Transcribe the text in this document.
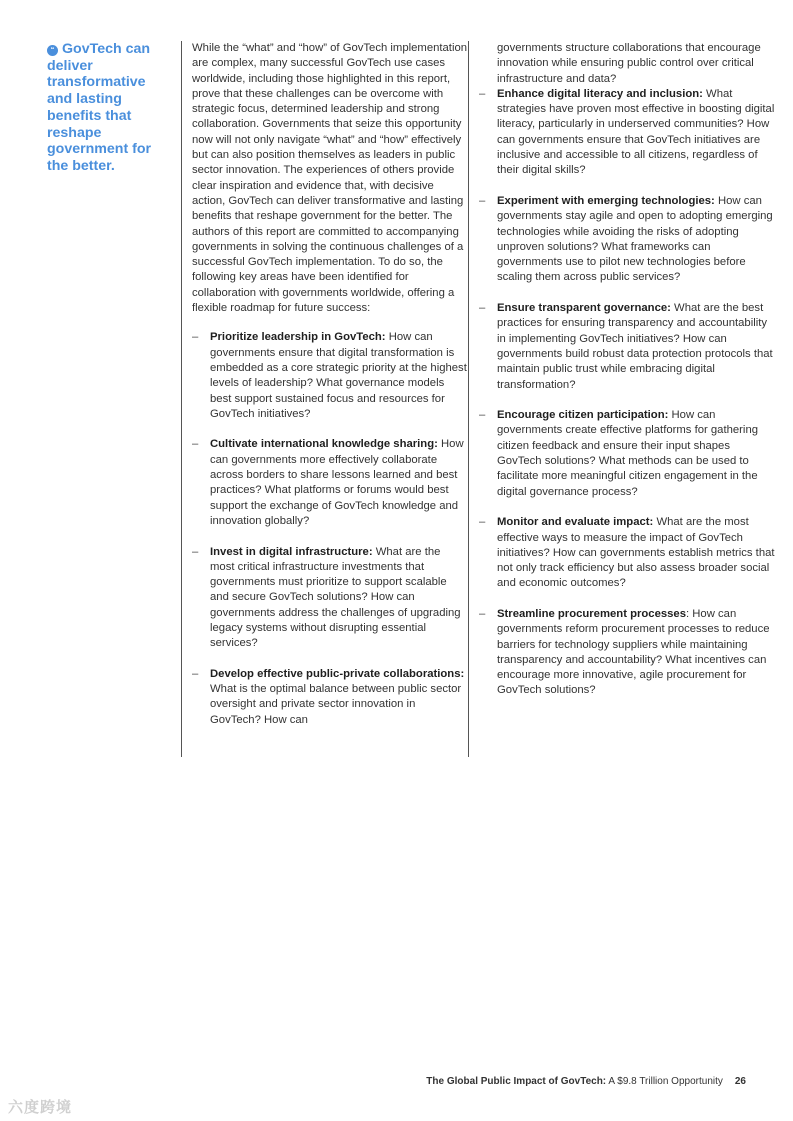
“ GovTech can deliver transformative and lasting benefits that reshape government for the better.

While the “what” and “how” of GovTech implementation are complex, many successful GovTech use cases worldwide, including those highlighted in this report, prove that these challenges can be overcome with strategic focus, determined leadership and strong collaboration. Governments that seize this opportunity now will not only navigate “what” and “how” effectively but can also position themselves as leaders in public sector innovation. The experiences of others provide clear inspiration and evidence that, with decisive action, GovTech can deliver transformative and lasting benefits that reshape government for the better. The authors of this report are committed to accompanying governments in solving the continuous challenges of a successful GovTech implementation. To do so, the following key areas have been identified for collaboration with governments worldwide, offering a flexible roadmap for future success:

– Prioritize leadership in GovTech: How can governments ensure that digital transformation is embedded as a core strategic priority at the highest levels of leadership? What governance models best support sustained focus and resources for GovTech initiatives?
– Cultivate international knowledge sharing: How can governments more effectively collaborate across borders to share lessons learned and best practices? What platforms or forums would best support the exchange of GovTech knowledge and innovation globally?
– Invest in digital infrastructure: What are the most critical infrastructure investments that governments must prioritize to support scalable and secure GovTech solutions? How can governments address the challenges of upgrading legacy systems without disrupting essential services?
– Develop effective public-private collaborations: What is the optimal balance between public sector oversight and private sector innovation in GovTech? How can

governments structure collaborations that encourage innovation while ensuring public control over critical infrastructure and data?

– Enhance digital literacy and inclusion: What strategies have proven most effective in boosting digital literacy, particularly in underserved communities? How can governments ensure that GovTech initiatives are inclusive and accessible to all citizens, regardless of their digital skills?
– Experiment with emerging technologies: How can governments stay agile and open to adopting emerging technologies while avoiding the risks of adopting unproven solutions? What frameworks can governments use to pilot new technologies before scaling them across public services?
– Ensure transparent governance: What are the best practices for ensuring transparency and accountability in implementing GovTech initiatives? How can governments build robust data protection protocols that maintain public trust while embracing digital transformation?
– Encourage citizen participation: How can governments create effective platforms for gathering citizen feedback and ensure their input shapes GovTech solutions? What methods can be used to facilitate more meaningful citizen engagement in the digital governance process?
– Monitor and evaluate impact: What are the most effective ways to measure the impact of GovTech initiatives? How can governments establish metrics that not only track efficiency but also assess broader social and economic outcomes?
– Streamline procurement processes: How can governments reform procurement processes to reduce barriers for technology suppliers while maintaining transparency and accountability? What incentives can encourage more innovative, agile procurement for GovTech solutions?
The Global Public Impact of GovTech: A $9.8 Trillion Opportunity 26
六度跨境
